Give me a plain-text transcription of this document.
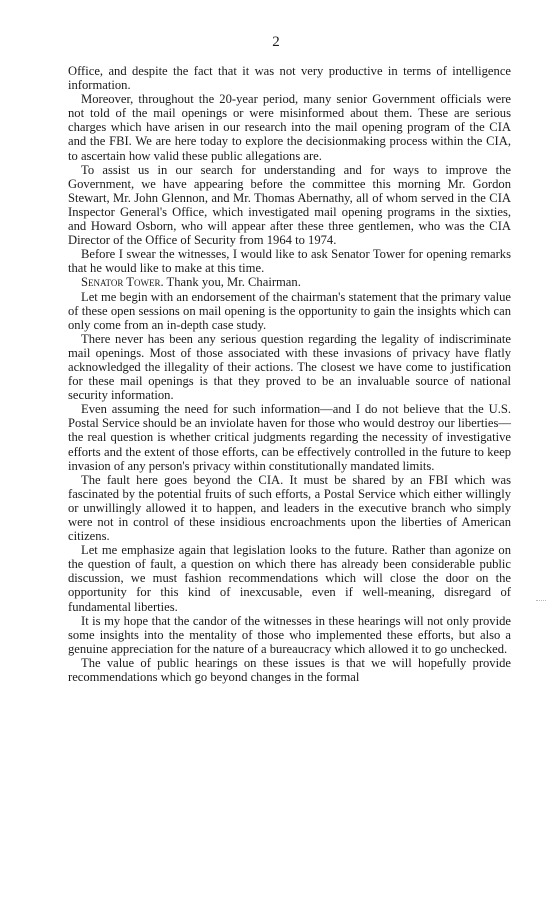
2

Office, and despite the fact that it was not very productive in terms of intelligence information.

Moreover, throughout the 20-year period, many senior Government officials were not told of the mail openings or were misinformed about them. These are serious charges which have arisen in our research into the mail opening program of the CIA and the FBI. We are here today to explore the decisionmaking process within the CIA, to ascertain how valid these public allegations are.

To assist us in our search for understanding and for ways to improve the Government, we have appearing before the committee this morning Mr. Gordon Stewart, Mr. John Glennon, and Mr. Thomas Abernathy, all of whom served in the CIA Inspector General's Office, which investigated mail opening programs in the sixties, and Howard Osborn, who will appear after these three gentlemen, who was the CIA Director of the Office of Security from 1964 to 1974.

Before I swear the witnesses, I would like to ask Senator Tower for opening remarks that he would like to make at this time.

Senator Tower. Thank you, Mr. Chairman.

Let me begin with an endorsement of the chairman's statement that the primary value of these open sessions on mail opening is the opportunity to gain the insights which can only come from an in-depth case study.

There never has been any serious question regarding the legality of indiscriminate mail openings. Most of those associated with these invasions of privacy have flatly acknowledged the illegality of their actions. The closest we have come to justification for these mail openings is that they proved to be an invaluable source of national security information.

Even assuming the need for such information—and I do not believe that the U.S. Postal Service should be an inviolate haven for those who would destroy our liberties—the real question is whether critical judgments regarding the necessity of investigative efforts and the extent of those efforts, can be effectively controlled in the future to keep invasion of any person's privacy within constitutionally mandated limits.

The fault here goes beyond the CIA. It must be shared by an FBI which was fascinated by the potential fruits of such efforts, a Postal Service which either willingly or unwillingly allowed it to happen, and leaders in the executive branch who simply were not in control of these insidious encroachments upon the liberties of American citizens.

Let me emphasize again that legislation looks to the future. Rather than agonize on the question of fault, a question on which there has already been considerable public discussion, we must fashion recommendations which will close the door on the opportunity for this kind of inexcusable, even if well-meaning, disregard of fundamental liberties.

It is my hope that the candor of the witnesses in these hearings will not only provide some insights into the mentality of those who implemented these efforts, but also a genuine appreciation for the nature of a bureaucracy which allowed it to go unchecked.

The value of public hearings on these issues is that we will hopefully provide recommendations which go beyond changes in the formal
